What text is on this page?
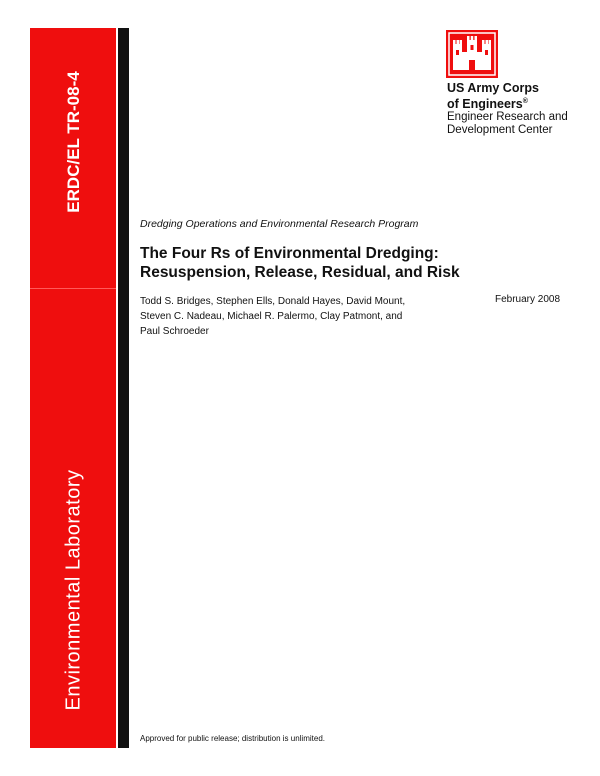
ERDC/EL TR-08-4
Environmental Laboratory
US Army Corps
of Engineers®
Engineer Research and
Development Center
Dredging Operations and Environmental Research Program
The Four Rs of Environmental Dredging:
Resuspension, Release, Residual, and Risk
Todd S. Bridges, Stephen Ells, Donald Hayes, David Mount,
Steven C. Nadeau, Michael R. Palermo, Clay Patmont, and
Paul Schroeder
February 2008
Approved for public release; distribution is unlimited.
